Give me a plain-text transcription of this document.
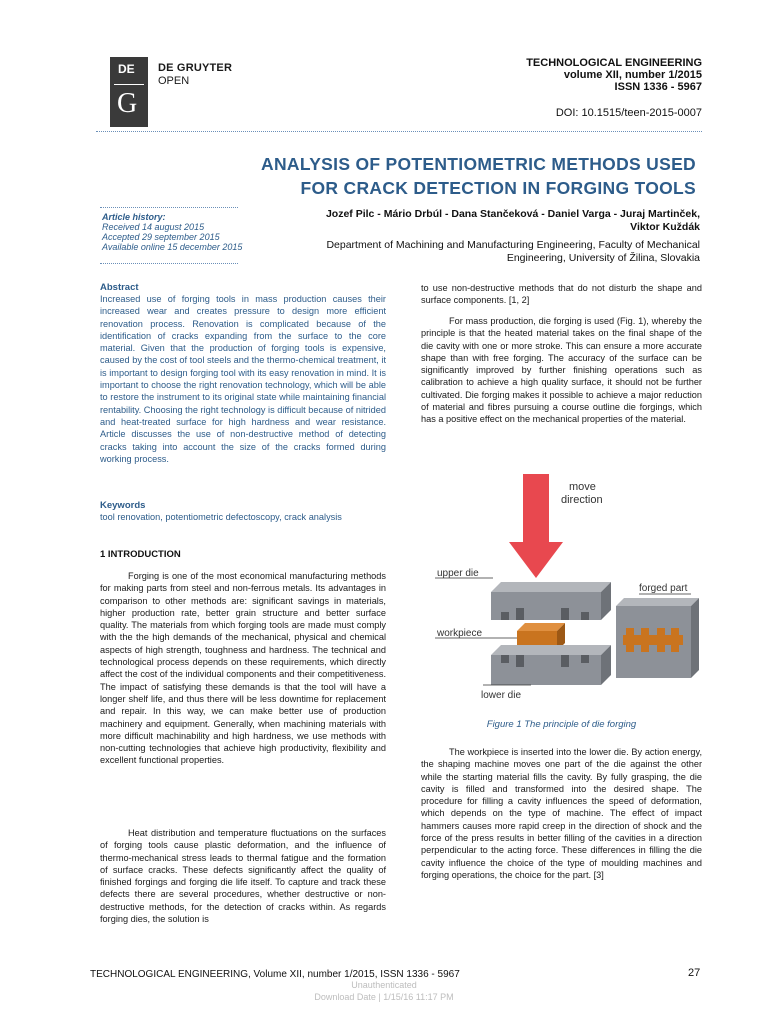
DE
G
DE GRUYTER
OPEN
TECHNOLOGICAL ENGINEERING
volume XII, number 1/2015
ISSN 1336 - 5967
DOI: 10.1515/teen-2015-0007
ANALYSIS OF POTENTIOMETRIC METHODS USED
FOR CRACK DETECTION IN FORGING TOOLS
Article history:
Received 14 august 2015
Accepted 29 september 2015
Available online 15 december 2015
Jozef Pilc - Mário Drbúl - Dana Stančeková - Daniel Varga - Juraj Martinček,
Viktor Kuždák
Department of Machining and Manufacturing Engineering, Faculty of Mechanical
Engineering, University of Žilina, Slovakia
Abstract

Increased use of forging tools in mass production causes their increased wear and creates pressure to design more efficient renovation process. Renovation is complicated because of the identification of cracks expanding from the surface to the core material. Given that the production of forging tools is expensive, caused by the cost of tool steels and the thermo-chemical treatment, it is important to design forging tool with its easy renovation in mind. It is important to choose the right renovation technology, which will be able to restore the instrument to its original state while maintaining financial rentability. Choosing the right technology is difficult because of nitrided and heat-treated surface for high hardness and wear resistance. Article discusses the use of non-destructive method of detecting cracks taking into account the size of the cracks formed during working process.

Keywords

tool renovation, potentiometric defectoscopy, crack analysis

1 INTRODUCTION

Forging is one of the most economical manufacturing methods for making parts from steel and non-ferrous metals. Its advantages in comparison to other methods are: significant savings in materials, higher production rate, better grain structure and better surface quality. The materials from which forging tools are made must comply with the the high demands of the mechanical, physical and chemical aspects of high strength, toughness and hardness. The technical and technological process depends on these requirements, which directly affect the cost of the individual components and their competitiveness. The impact of satisfying these demands is that the tool will have a longer shelf life, and thus there will be less downtime for replacement and repair. In this way, we can make better use of production machinery and equipment. Generally, when machining materials with more difficult machinability and high hardness, we use methods with non-cutting technologies that achieve high productivity, flexibility and excellent functional properties.

Heat distribution and temperature fluctuations on the surfaces of forging tools cause plastic deformation, and the influence of thermo-mechanical stress leads to thermal fatigue and the formation of surface cracks. These defects significantly affect the quality of finished forgings and forging die life itself. To capture and track these defects there are several procedures, whether destructive or non-destructive methods, for the detection of cracks within. As regards forging dies, the solution is

to use non-destructive methods that do not disturb the shape and surface components. [1, 2]

For mass production, die forging is used (Fig. 1), whereby the principle is that the heated material takes on the final shape of the die cavity with one or more stroke. This can ensure a more accurate shape than with free forging. The accuracy of the surface can be significantly improved by further finishing operations such as calibration to achieve a high quality surface, it should not be further cultivated. Die forging makes it possible to achieve a major reduction of material and fibres pursuing a course outline die forgings, which has a positive effect on the mechanical properties of the material.

move
direction
upper die
workpiece
lower die
forged part
Figure 1 The principle of die forging

The workpiece is inserted into the lower die. By action energy, the shaping machine moves one part of the die against the other while the starting material fills the cavity. By fully grasping, the die cavity is filled and transformed into the desired shape. The procedure for filling a cavity influences the speed of deformation, which depends on the type of machine. The effect of impact hammers causes more rapid creep in the direction of shock and the force of the press results in better filling of the cavities in a direction perpendicular to the acting force. These differences in filling the die cavity influence the choice of the type of moulding machines and forging operations, the choice for the part. [3]

TECHNOLOGICAL ENGINEERING, Volume XII, number 1/2015, ISSN 1336 - 5967	27
Unauthenticated
Download Date | 1/15/16 11:17 PM
